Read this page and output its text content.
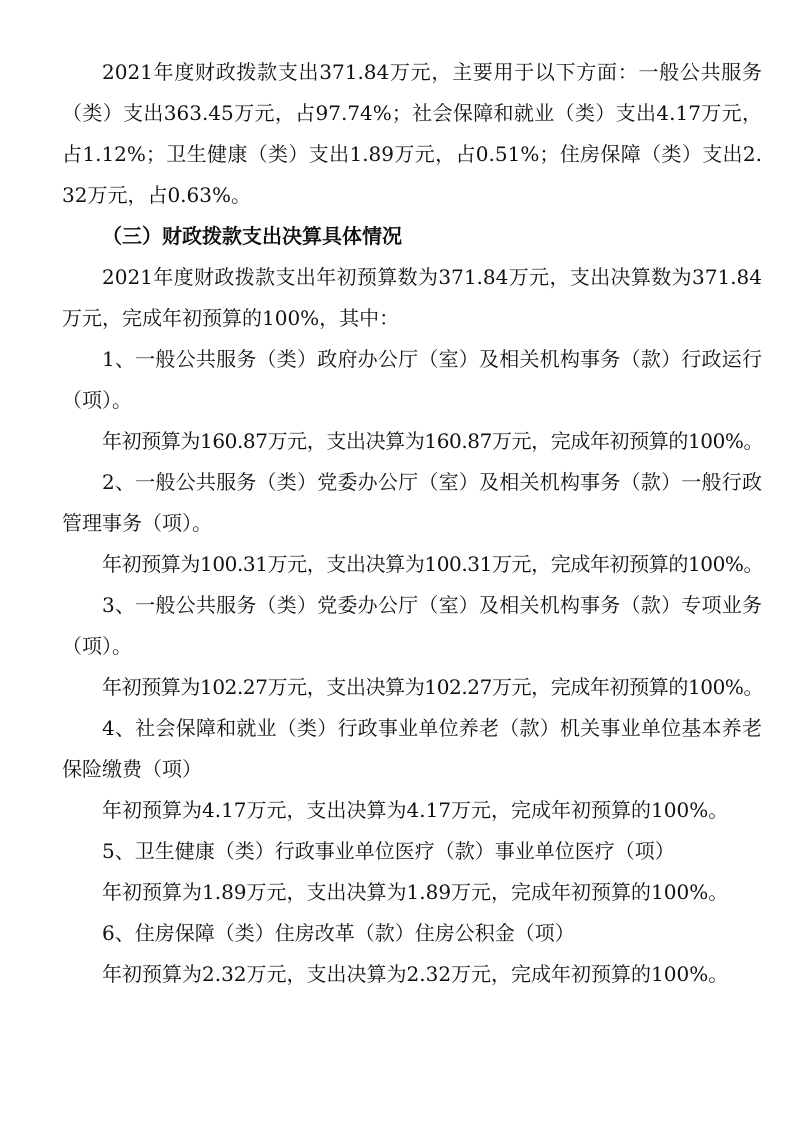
2021年度财政拨款支出371.84万元，主要用于以下方面：一般公共服务（类）支出363.45万元，占97.74%；社会保障和就业（类）支出4.17万元，占1.12%；卫生健康（类）支出1.89万元，占0.51%；住房保障（类）支出2.32万元，占0.63%。

（三）财政拨款支出决算具体情况

2021年度财政拨款支出年初预算数为371.84万元，支出决算数为371.84万元，完成年初预算的100%，其中：

1、一般公共服务（类）政府办公厅（室）及相关机构事务（款）行政运行（项）。

年初预算为160.87万元，支出决算为160.87万元，完成年初预算的100%。

2、一般公共服务（类）党委办公厅（室）及相关机构事务（款）一般行政管理事务（项）。

年初预算为100.31万元，支出决算为100.31万元，完成年初预算的100%。

3、一般公共服务（类）党委办公厅（室）及相关机构事务（款）专项业务（项）。

年初预算为102.27万元，支出决算为102.27万元，完成年初预算的100%。

4、社会保障和就业（类）行政事业单位养老（款）机关事业单位基本养老保险缴费（项）

年初预算为4.17万元，支出决算为4.17万元，完成年初预算的100%。

5、卫生健康（类）行政事业单位医疗（款）事业单位医疗（项）

年初预算为1.89万元，支出决算为1.89万元，完成年初预算的100%。

6、住房保障（类）住房改革（款）住房公积金（项）

年初预算为2.32万元，支出决算为2.32万元，完成年初预算的100%。
